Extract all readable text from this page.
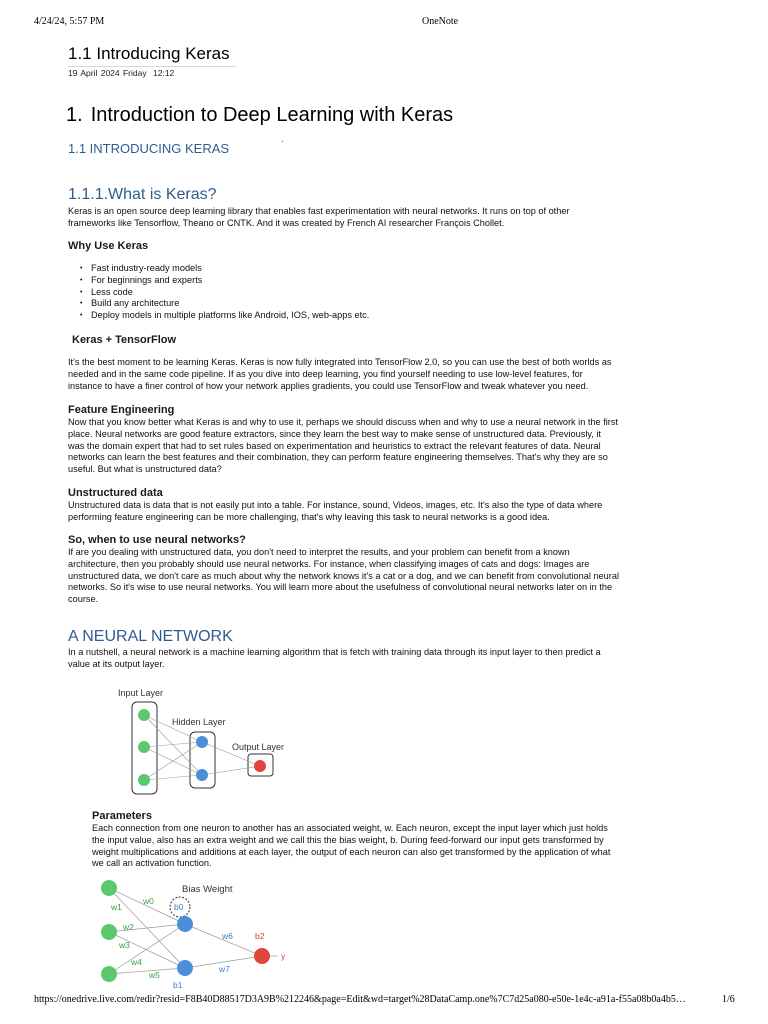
4/24/24, 5:57 PM	OneNote
1.1 Introducing Keras
19 April 2024 Friday 12:12
1. Introduction to Deep Learning with Keras
1.1 INTRODUCING KERAS
.
1.1.1.What is Keras?
Keras is an open source deep learning library that enables fast experimentation with neural networks. It runs on top of other
frameworks like Tensorflow, Theano or CNTK. And it was created by French AI researcher François Chollet.
Why Use Keras
• Fast industry-ready models
• For beginnings and experts
• Less code
• Build any architecture
• Deploy models in multiple platforms like Android, IOS, web-apps etc.
Keras + TensorFlow
It's the best moment to be learning Keras. Keras is now fully integrated into TensorFlow 2.0, so you can use the best of both worlds as
needed and in the same code pipeline. If as you dive into deep learning, you find yourself needing to use low-level features, for
instance to have a finer control of how your network applies gradients, you could use TensorFlow and tweak whatever you need.
Feature Engineering
Now that you know better what Keras is and why to use it, perhaps we should discuss when and why to use a neural network in the first
place. Neural networks are good feature extractors, since they learn the best way to make sense of unstructured data. Previously, it
was the domain expert that had to set rules based on experimentation and heuristics to extract the relevant features of data. Neural
networks can learn the best features and their combination, they can perform feature engineering themselves. That's why they are so
useful. But what is unstructured data?
Unstructured data
Unstructured data is data that is not easily put into a table. For instance, sound, Videos, images, etc. It's also the type of data where
performing feature engineering can be more challenging, that's why leaving this task to neural networks is a good idea.
So, when to use neural networks?
If are you dealing with unstructured data, you don't need to interpret the results, and your problem can benefit from a known
architecture, then you probably should use neural networks. For instance, when classifying images of cats and dogs: Images are
unstructured data, we don't care as much about why the network knows it's a cat or a dog, and we can benefit from convolutional neural
networks. So it's wise to use neural networks. You will learn more about the usefulness of convolutional neural networks later on in the
course.
A NEURAL NETWORK
In a nutshell, a neural network is a machine learning algorithm that is fetch with training data through its input layer to then predict a
value at its output layer.
Input Layer
Hidden Layer
Output Layer
Parameters
Each connection from one neuron to another has an associated weight, w. Each neuron, except the input layer which just holds
the input value, also has an extra weight and we call this the bias weight, b. During feed-forward our input gets transformed by
weight multiplications and additions at each layer, the output of each neuron can also get transformed by the application of what
we call an activation function.
Bias Weight
b0
w1
w0
w2
w3
w4
w5
w6
w7
b2
y
b1
https://onedrive.live.com/redir?resid=F8B40D88517D3A9B%212246&page=Edit&wd=target%28DataCamp.one%7C7d25a080-e50e-1e4c-a91a-f55a08b0a4b5…	1/6
